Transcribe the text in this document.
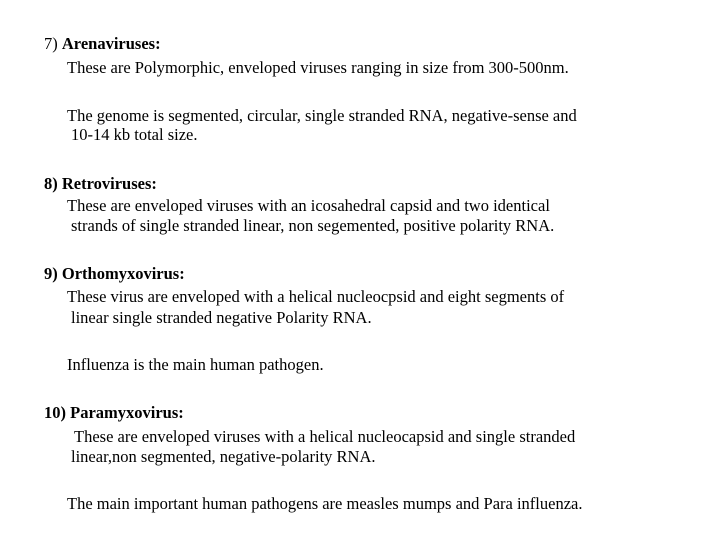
7) Arenaviruses:
These are Polymorphic, enveloped viruses ranging in size from 300-500nm.
The genome is segmented, circular, single stranded RNA, negative-sense and
10-14 kb total size.
8) Retroviruses:
These are enveloped viruses with an icosahedral capsid and two identical
strands of single stranded linear, non segemented, positive polarity RNA.
9) Orthomyxovirus:
These virus are enveloped with a helical nucleocpsid and eight segments of
linear single stranded negative Polarity RNA.
Influenza is the main human pathogen.
10) Paramyxovirus:
These are enveloped viruses with a helical nucleocapsid and single stranded
linear,non segmented, negative-polarity RNA.
The main important human pathogens are measles mumps and Para influenza.
